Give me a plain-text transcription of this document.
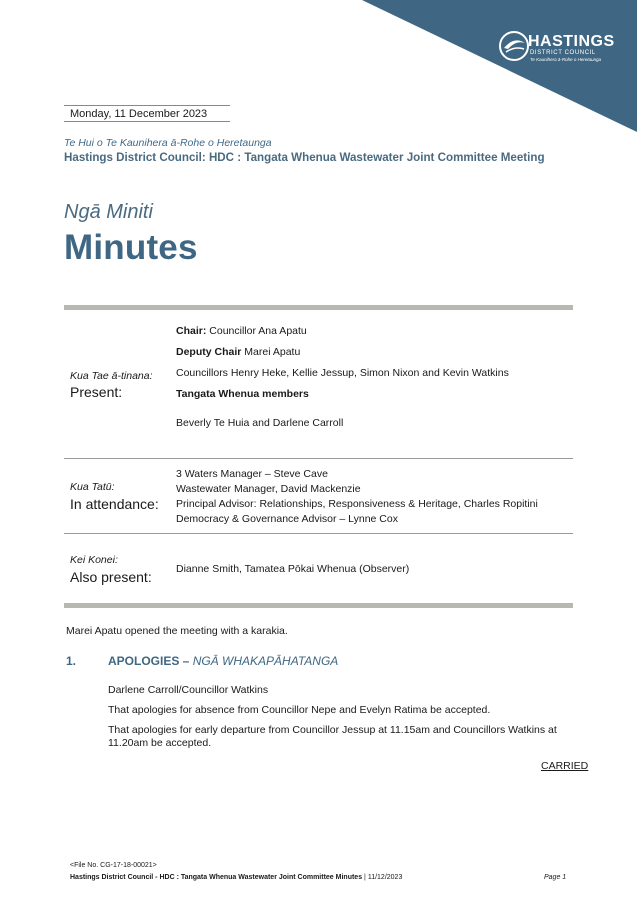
HASTINGS
DISTRICT COUNCIL
Te Kaunihera ā-Rohe o Heretaunga
Monday, 11 December 2023
Te Hui o Te Kaunihera ā-Rohe o Heretaunga
Hastings District Council: HDC : Tangata Whenua Wastewater Joint Committee Meeting
Ngā Miniti
Minutes
Kua Tae ā-tinana:
Present:
Chair: Councillor Ana Apatu
Deputy Chair Marei Apatu
Councillors Henry Heke, Kellie Jessup, Simon Nixon and Kevin Watkins
Tangata Whenua members
Beverly Te Huia and Darlene Carroll
Kua Tatū:
In attendance:
3 Waters Manager – Steve Cave
Wastewater Manager, David Mackenzie
Principal Advisor: Relationships, Responsiveness & Heritage, Charles Ropitini
Democracy & Governance Advisor – Lynne Cox
Kei Konei:
Also present: Dianne Smith, Tamatea Pōkai Whenua (Observer)
Marei Apatu opened the meeting with a karakia.
1.	APOLOGIES – NGĀ WHAKAPĀHATANGA
Darlene Carroll/Councillor Watkins
That apologies for absence from Councillor Nepe and Evelyn Ratima be accepted.
That apologies for early departure from Councillor Jessup at 11.15am and Councillors Watkins at 11.20am be accepted.
CARRIED
<File No. CG-17-18-00021>
Hastings District Council - HDC : Tangata Whenua Wastewater Joint Committee Minutes | 11/12/2023	Page 1
